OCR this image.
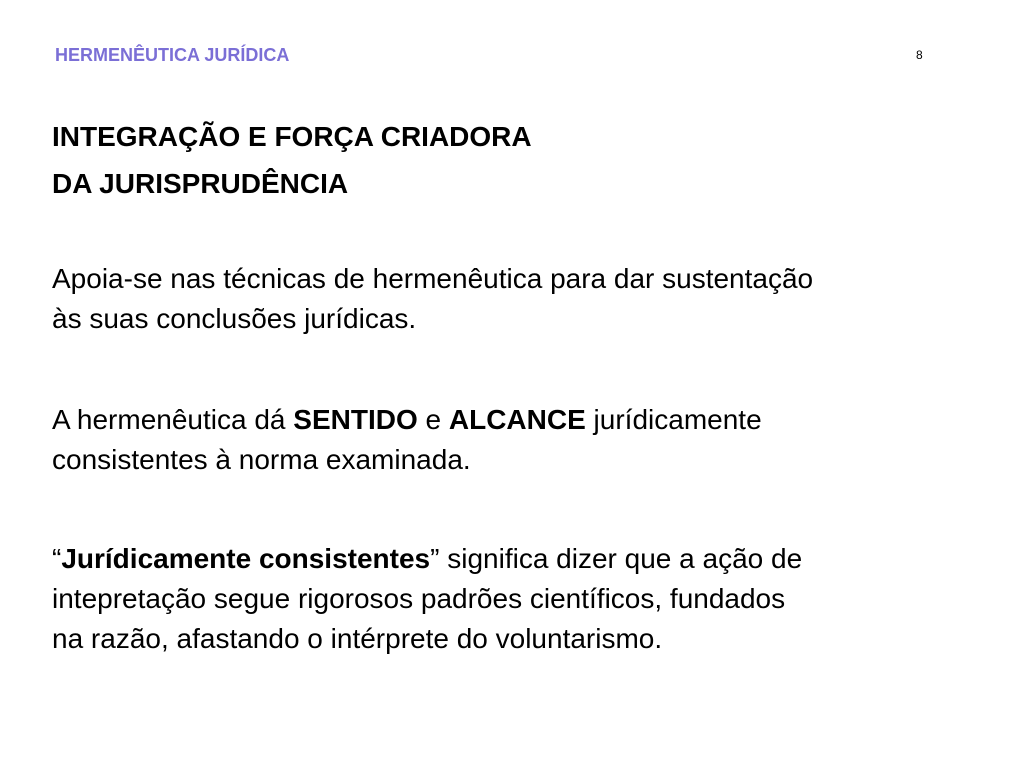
HERMENÊUTICA JURÍDICA	8
INTEGRAÇÃO E FORÇA CRIADORA
DA JURISPRUDÊNCIA

Apoia-se nas técnicas de hermenêutica para dar sustentação
às suas conclusões jurídicas.

A hermenêutica dá SENTIDO e ALCANCE jurídicamente
consistentes à norma examinada.

“Jurídicamente consistentes” significa dizer que a ação de
intepretação segue rigorosos padrões científicos, fundados
na razão, afastando o intérprete do voluntarismo.
